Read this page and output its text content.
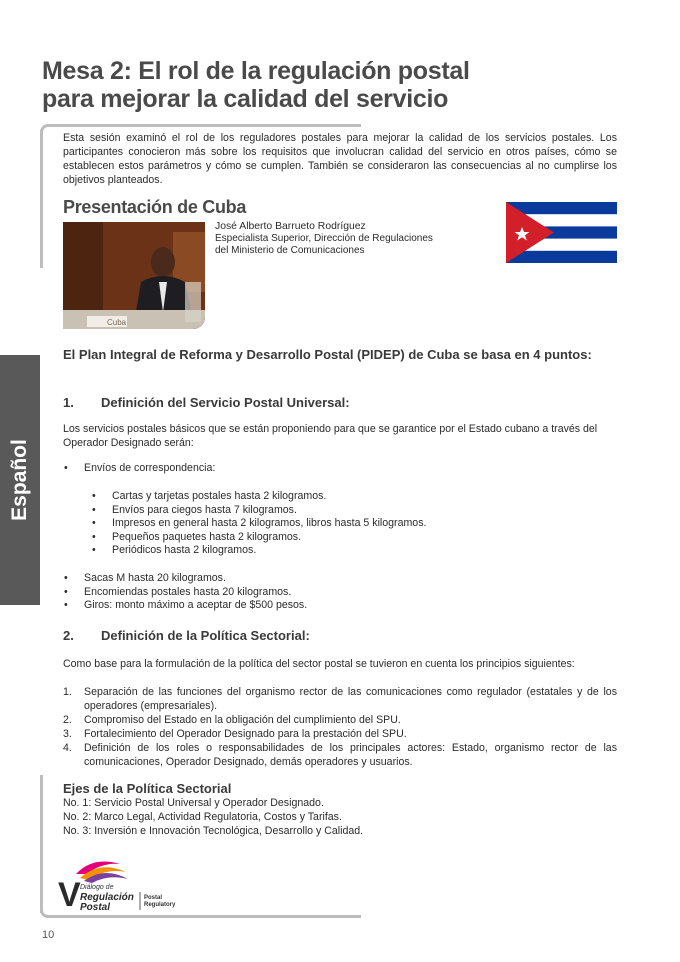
Mesa 2: El rol de la regulación postal
para mejorar la calidad del servicio
Esta sesión examinó el rol de los reguladores postales para mejorar la calidad de los servicios postales. Los participantes conocieron más sobre los requisitos que involucran calidad del servicio en otros países, cómo se establecen estos parámetros y cómo se cumplen. También se consideraron las consecuencias al no cumplirse los objetivos planteados.
Presentación de Cuba
Cuba
José Alberto Barrueto Rodríguez
Especialista Superior, Dirección de Regulaciones
del Ministerio de Comunicaciones
El Plan Integral de Reforma y Desarrollo Postal (PIDEP) de Cuba se basa en 4 puntos:
1. Definición del Servicio Postal Universal:
Los servicios postales básicos que se están proponiendo para que se garantice por el Estado cubano a través del Operador Designado serán:
• Envíos de correspondencia:
• Cartas y tarjetas postales hasta 2 kilogramos.
• Envíos para ciegos hasta 7 kilogramos.
• Impresos en general hasta 2 kilogramos, libros hasta 5 kilogramos.
• Pequeños paquetes hasta 2 kilogramos.
• Periódicos hasta 2 kilogramos.
• Sacas M hasta 20 kilogramos.
• Encomiendas postales hasta 20 kilogramos.
• Giros: monto máximo a aceptar de $500 pesos.
2. Definición de la Política Sectorial:
Como base para la formulación de la política del sector postal se tuvieron en cuenta los principios siguientes:
1. Separación de las funciones del organismo rector de las comunicaciones como regulador (estatales y de los operadores (empresariales).
2. Compromiso del Estado en la obligación del cumplimiento del SPU.
3. Fortalecimiento del Operador Designado para la prestación del SPU.
4. Definición de los roles o responsabilidades de los principales actores: Estado, organismo rector de las comunicaciones, Operador Designado, demás operadores y usuarios.
Ejes de la Política Sectorial
No. 1: Servicio Postal Universal y Operador Designado.
No. 2: Marco Legal, Actividad Regulatoria, Costos y Tarifas.
No. 3: Inversión e Innovación Tecnológica, Desarrollo y Calidad.
Español
V Diálogo de
Regulación
Postal
Postal
Regulatory
10
